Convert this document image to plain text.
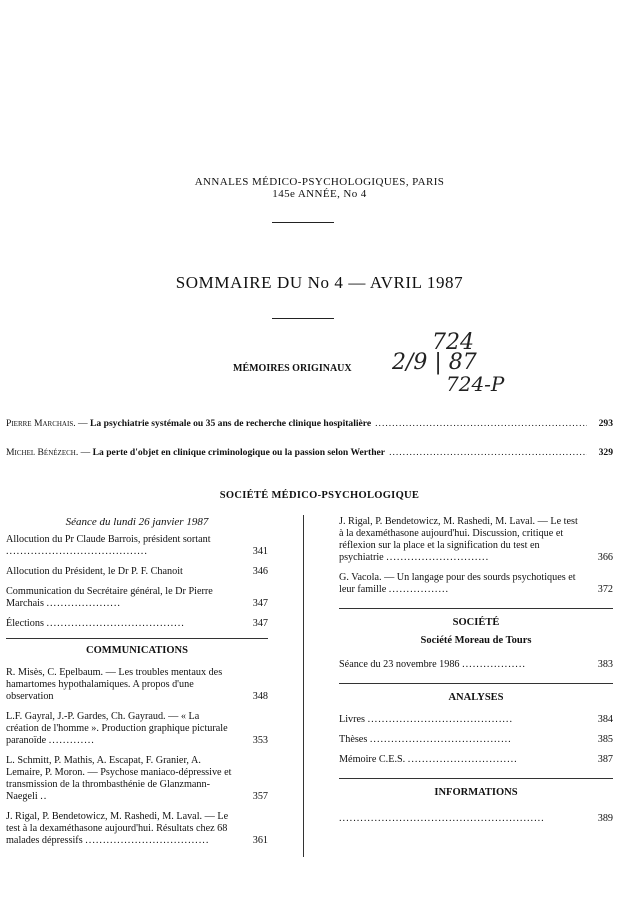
ANNALES MÉDICO-PSYCHOLOGIQUES, PARIS
145e ANNÉE, No 4
SOMMAIRE DU No 4 — AVRIL 1987
724
2/9 | 87
724-P
MÉMOIRES ORIGINAUX
Pierre Marchais. — La psychiatrie systémale ou 35 ans de recherche clinique hospitalière .....	293
Michel Bénézech. — La perte d'objet en clinique criminologique ou la passion selon Werther .....	329
SOCIÉTÉ MÉDICO-PSYCHOLOGIQUE
Séance du lundi 26 janvier 1987
Allocution du Pr Claude Barrois, président sortant ........................................	341
Allocution du Président, le Dr P. F. Chanoit	346
Communication du Secrétaire général, le Dr Pierre Marchais .....................	347
Élections .......................................	347
COMMUNICATIONS
R. Misès, C. Epelbaum. — Les troubles mentaux des hamartomes hypothalamiques. A propos d'une observation	348
L.F. Gayral, J.-P. Gardes, Ch. Gayraud. — « La création de l'homme ». Production graphique picturale paranoïde .............	353
L. Schmitt, P. Mathis, A. Escapat, F. Granier, A. Lemaire, P. Moron. — Psychose maniaco-dépressive et transmission de la thrombasthénie de Glanzmann-Naegeli ..	357
J. Rigal, P. Bendetowicz, M. Rashedi, M. Laval. — Le test à la dexaméthasone aujourd'hui. Résultats chez 68 malades dépressifs ...................................	361
J. Rigal, P. Bendetowicz, M. Rashedi, M. Laval. — Le test à la dexaméthasone aujourd'hui. Discussion, critique et réflexion sur la place et la signification du test en psychiatrie .............................	366
G. Vacola. — Un langage pour des sourds psychotiques et leur famille .................	372
SOCIÉTÉ
Société Moreau de Tours
Séance du 23 novembre 1986 ..................	383
ANALYSES
Livres .........................................	384
Thèses ........................................	385
Mémoire C.E.S. ...............................	387
INFORMATIONS
..........................................................	389
